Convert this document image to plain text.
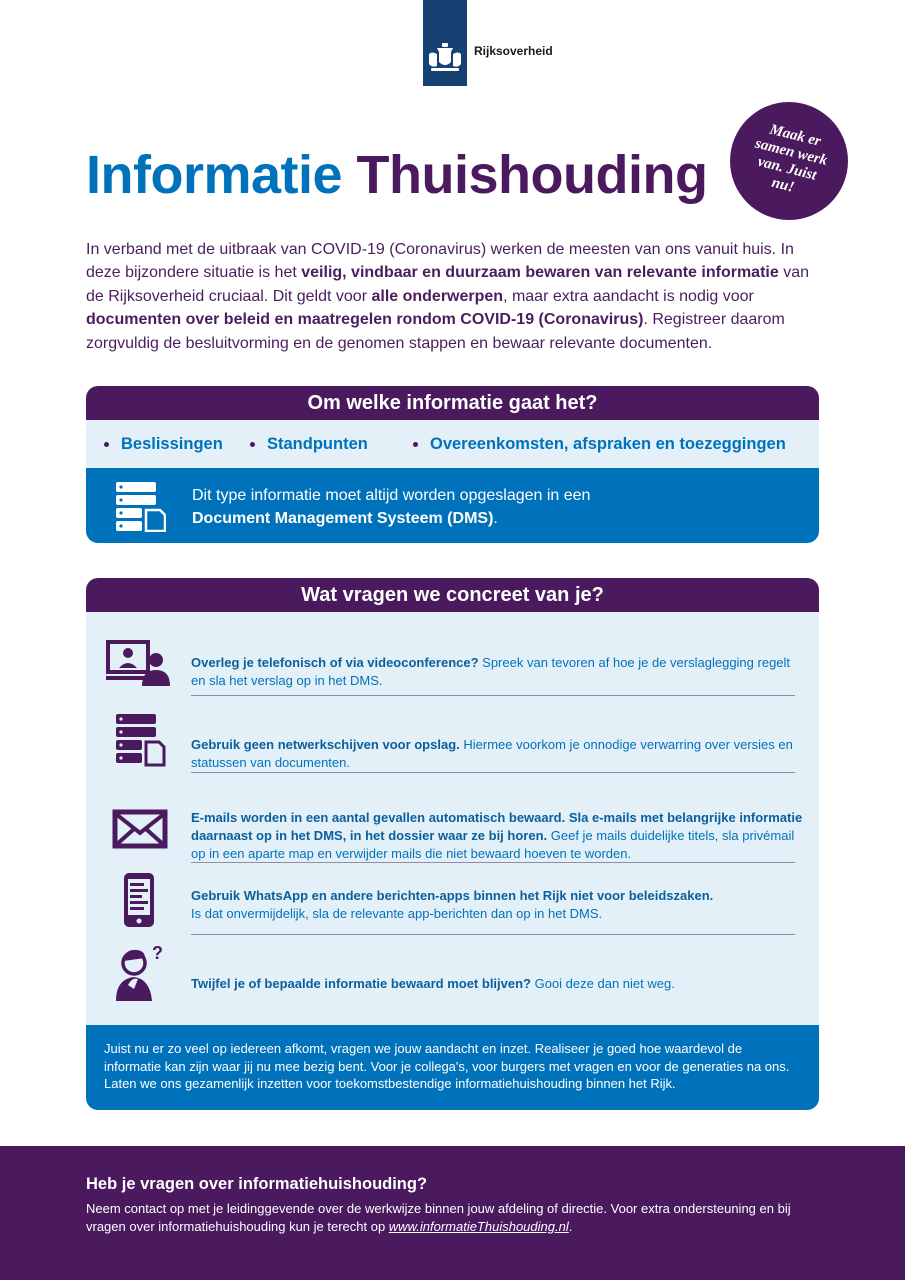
Rijksoverheid
Maak er samen werk van. Juist nu!
Informatie Thuishouding

In verband met de uitbraak van COVID-19 (Coronavirus) werken de meesten van ons vanuit huis. In deze bijzondere situatie is het veilig, vindbaar en duurzaam bewaren van relevante informatie van de Rijksoverheid cruciaal. Dit geldt voor alle onderwerpen, maar extra aandacht is nodig voor documenten over beleid en maatregelen rondom COVID-19 (Coronavirus). Registreer daarom zorgvuldig de besluitvorming en de genomen stappen en bewaar relevante documenten.

Om welke informatie gaat het?
Beslissingen	Standpunten	Overeenkomsten, afspraken en toezeggingen
Dit type informatie moet altijd worden opgeslagen in een
Document Management Systeem (DMS).
Wat vragen we concreet van je?
Overleg je telefonisch of via videoconference? Spreek van tevoren af hoe je de verslaglegging regelt en sla het verslag op in het DMS.
Gebruik geen netwerkschijven voor opslag. Hiermee voorkom je onnodige verwarring over versies en statussen van documenten.
E-mails worden in een aantal gevallen automatisch bewaard. Sla e-mails met belangrijke informatie daarnaast op in het DMS, in het dossier waar ze bij horen. Geef je mails duidelijke titels, sla privémail op in een aparte map en verwijder mails die niet bewaard hoeven te worden.
Gebruik WhatsApp en andere berichten-apps binnen het Rijk niet voor beleidszaken.
Is dat onvermijdelijk, sla de relevante app-berichten dan op in het DMS.
?
Twijfel je of bepaalde informatie bewaard moet blijven? Gooi deze dan niet weg.
Juist nu er zo veel op iedereen afkomt, vragen we jouw aandacht en inzet. Realiseer je goed hoe waardevol de informatie kan zijn waar jij nu mee bezig bent. Voor je collega's, voor burgers met vragen en voor de generaties na ons. Laten we ons gezamenlijk inzetten voor toekomstbestendige informatiehuishouding binnen het Rijk.
Heb je vragen over informatiehuishouding?
Neem contact op met je leidinggevende over de werkwijze binnen jouw afdeling of directie. Voor extra ondersteuning en bij vragen over informatiehuishouding kun je terecht op www.informatieThuishouding.nl.
